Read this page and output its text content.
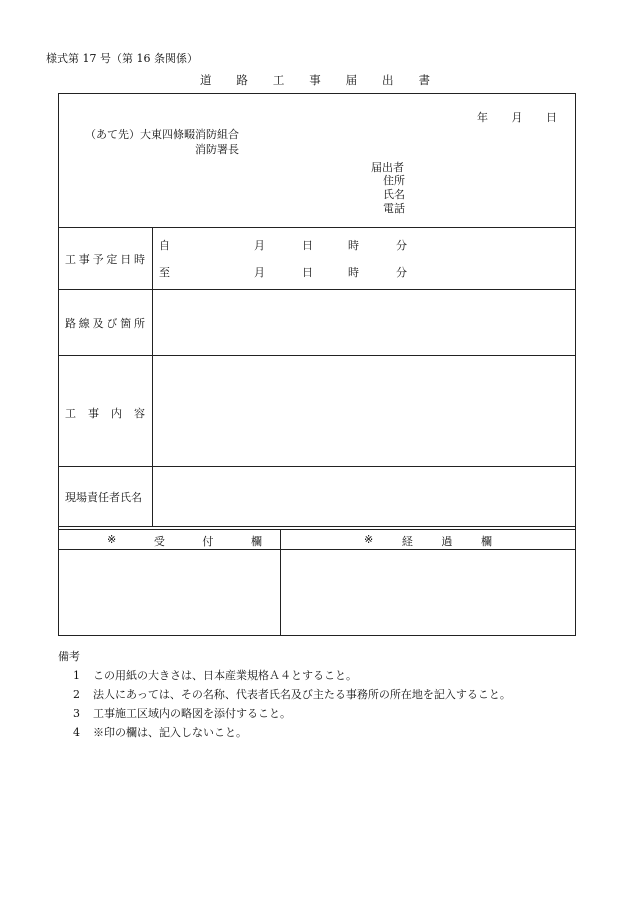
様式第 17 号（第 16 条関係）
道 路 工 事 届 出 書
年 月 日
（あて先）大東四條畷消防組合
消防署長
届出者
住所
氏名
電話
工 事 予 定 日 時
自	月	日	時	分
至	月	日	時	分
路 線 及 び 箇 所
工 事 内 容
現場責任者氏名
※	受	付	欄	※	経	過	欄
備考
1 この用紙の大きさは、日本産業規格Ａ４とすること。
2 法人にあっては、その名称、代表者氏名及び主たる事務所の所在地を記入すること。
3 工事施工区域内の略図を添付すること。
4 ※印の欄は、記入しないこと。
